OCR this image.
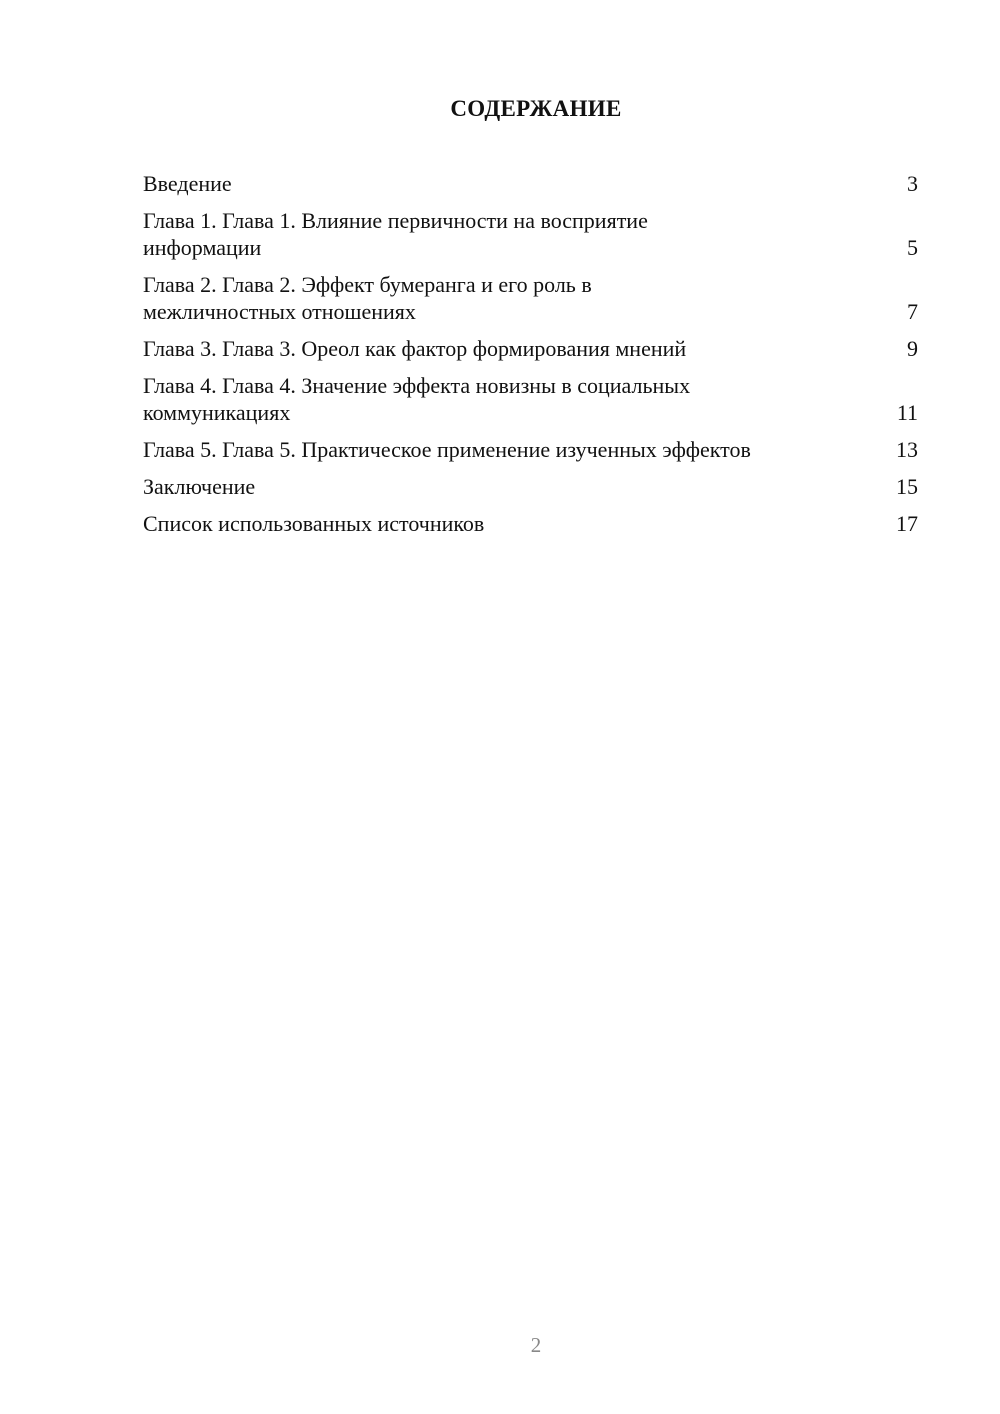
СОДЕРЖАНИЕ
Введение	3
Глава 1. Глава 1. Влияние первичности на восприятие информации	5
Глава 2. Глава 2. Эффект бумеранга и его роль в межличностных отношениях	7
Глава 3. Глава 3. Ореол как фактор формирования мнений	9
Глава 4. Глава 4. Значение эффекта новизны в социальных коммуникациях	11
Глава 5. Глава 5. Практическое применение изученных эффектов	13
Заключение	15
Список использованных источников	17
2
